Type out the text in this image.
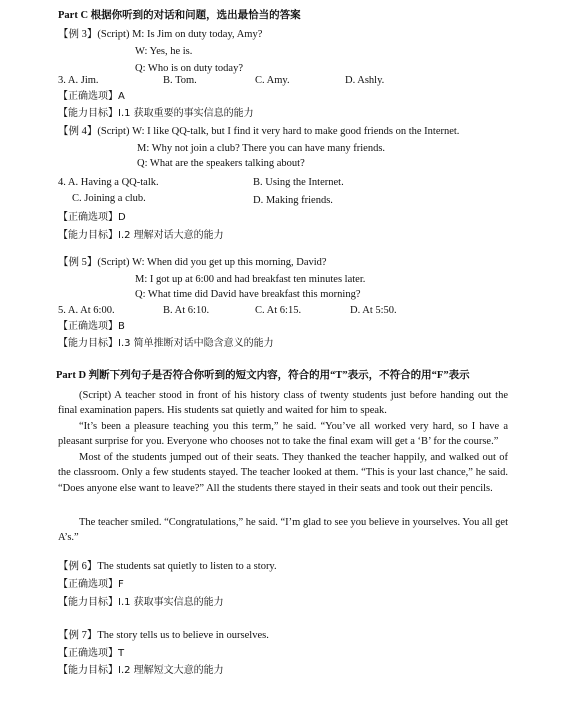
Part C 根据你听到的对话和问题，选出最恰当的答案
【例 3】(Script) M: Is Jim on duty today, Amy?
W: Yes, he is.
Q: Who is on duty today?
3. A. Jim.	B. Tom.	C. Amy.	D. Ashly.
【正确选项】A
【能力目标】I.1 获取重要的事实信息的能力
【例 4】(Script) W: I like QQ-talk, but I find it very hard to make good friends on the Internet.
M: Why not join a club? There you can have many friends.
Q: What are the speakers talking about?
4. A. Having a QQ-talk.	B. Using the Internet.
C. Joining a club.	D. Making friends.
【正确选项】D
【能力目标】I.2 理解对话大意的能力
【例 5】(Script) W: When did you get up this morning, David?
M: I got up at 6:00 and had breakfast ten minutes later.
Q: What time did David have breakfast this morning?
5. A. At 6:00.	B. At 6:10.	C. At 6:15.	D. At 5:50.
【正确选项】B
【能力目标】I.3 简单推断对话中隐含意义的能力
Part D 判断下列句子是否符合你听到的短文内容，符合的用“T”表示，不符合的用“F”表示
(Script) A teacher stood in front of his history class of twenty students just before handing out the final examination papers. His students sat quietly and waited for him to speak.
“It’s been a pleasure teaching you this term,” he said. “You’ve all worked very hard, so I have a pleasant surprise for you. Everyone who chooses not to take the final exam will get a ‘B’ for the course.”
Most of the students jumped out of their seats. They thanked the teacher happily, and walked out of the classroom. Only a few students stayed. The teacher looked at them. “This is your last chance,” he said. “Does anyone else want to leave?” All the students there stayed in their seats and took out their pencils.
The teacher smiled. “Congratulations,” he said. “I’m glad to see you believe in yourselves. You all get A’s.”
【例 6】The students sat quietly to listen to a story.
【正确选项】F
【能力目标】I.1 获取事实信息的能力
【例 7】The story tells us to believe in ourselves.
【正确选项】T
【能力目标】I.2 理解短文大意的能力
